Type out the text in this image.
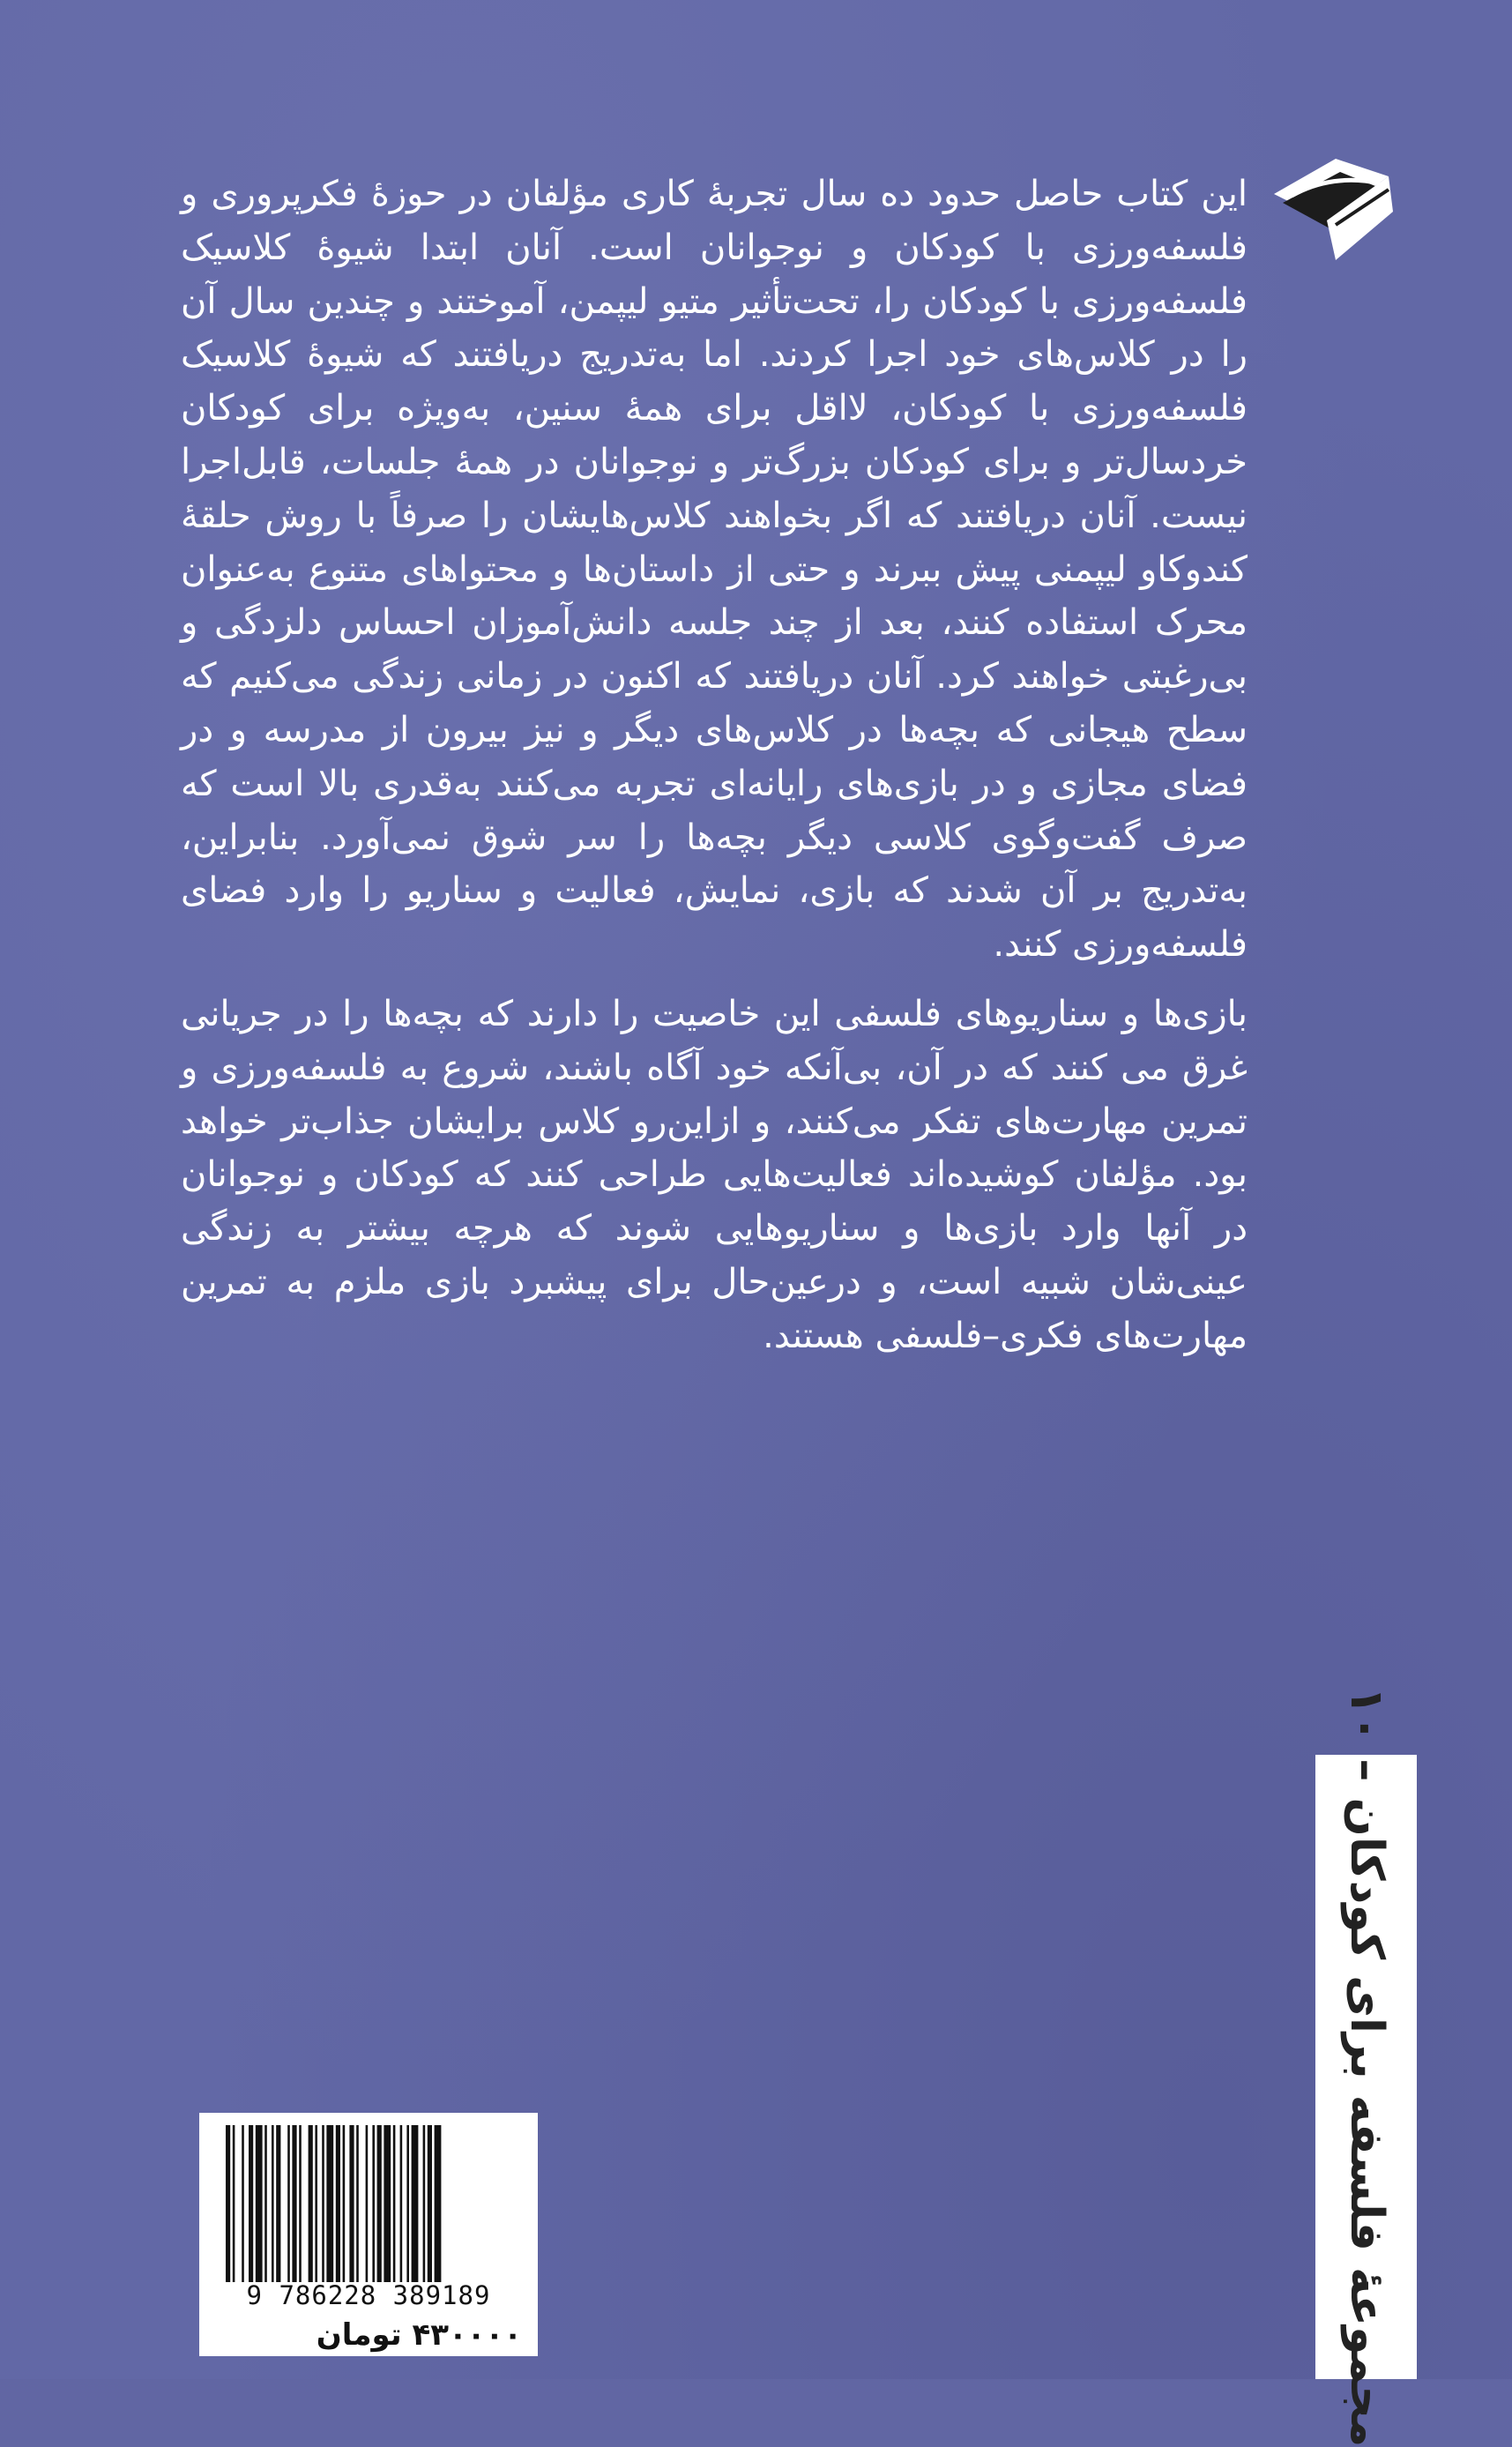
این کتاب حاصل حدود ده سال تجربهٔ کاری مؤلفان در حوزهٔ فکرپروری و فلسفه‌ورزی با کودکان و نوجوانان است. آنان ابتدا شیوهٔ کلاسیک فلسفه‌ورزی با کودکان را، تحت‌تأثیر متیو لیپمن، آموختند و چندین سال آن را در کلاس‌های خود اجرا کردند. اما به‌تدریج دریافتند که شیوهٔ کلاسیک فلسفه‌ورزی با کودکان، لااقل برای همهٔ سنین، به‌ویژه برای کودکان خردسال‌تر و برای کودکان بزرگ‌تر و نوجوانان در همهٔ جلسات، قابل‌اجرا نیست. آنان دریافتند که اگر بخواهند کلاس‌هایشان را صرفاً با روش حلقهٔ کندوکاو لیپمنی پیش ببرند و حتی از داستان‌ها و محتواهای متنوع به‌عنوان محرک استفاده کنند، بعد از چند جلسه دانش‌آموزان احساس دلزدگی و بی‌رغبتی خواهند کرد. آنان دریافتند که اکنون در زمانی زندگی می‌کنیم که سطح هیجانی که بچه‌ها در کلاس‌های دیگر و نیز بیرون از مدرسه و در فضای مجازی و در بازی‌های رایانه‌ای تجربه می‌کنند به‌قدری بالا است که صرف گفت‌وگوی کلاسی دیگر بچه‌ها را سر شوق نمی‌آورد. بنابراین، به‌تدریج بر آن شدند که بازی، نمایش، فعالیت و سناریو را وارد فضای فلسفه‌ورزی کنند.

بازی‌ها و سناریوهای فلسفی این خاصیت را دارند که بچه‌ها را در جریانی غرق می کنند که در آن، بی‌آنکه خود آگاه باشند، شروع به فلسفه‌ورزی و تمرین مهارت‌های تفکر می‌کنند، و ازاین‌رو کلاس برایشان جذاب‌تر خواهد بود. مؤلفان کوشیده‌اند فعالیت‌هایی طراحی کنند که کودکان و نوجوانان در آنها وارد بازی‌ها و سناریوهایی شوند که هرچه بیشتر به زندگی عینی‌شان شبیه است، و درعین‌حال برای پیشبرد بازی ملزم به تمرین مهارت‌های فکری‌–فلسفی هستند.

مجموعهٔ فلسفه برای کودکان – ۱۰
9 786228 389189
۴۳۰۰۰۰ تومان
